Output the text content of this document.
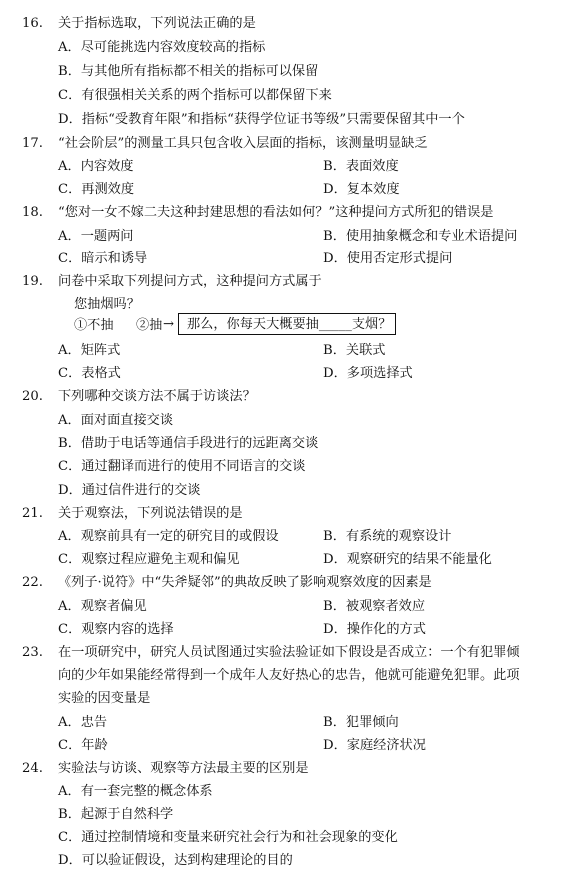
16. 关于指标选取，下列说法正确的是
A．尽可能挑选内容效度较高的指标
B．与其他所有指标都不相关的指标可以保留
C．有很强相关关系的两个指标可以都保留下来
D．指标“受教育年限”和指标“获得学位证书等级”只需要保留其中一个
17. “社会阶层”的测量工具只包含收入层面的指标，该测量明显缺乏
A．内容效度	B．表面效度
C．再测效度	D．复本效度
18. “您对一女不嫁二夫这种封建思想的看法如何？”这种提问方式所犯的错误是
A．一题两问	B．使用抽象概念和专业术语提问
C．暗示和诱导	D．使用否定形式提问
19. 问卷中采取下列提问方式，这种提问方式属于
您抽烟吗？
①不抽 ②抽 → 那么，你每天大概要抽_____支烟？
A．矩阵式	B．关联式
C．表格式	D．多项选择式
20. 下列哪种交谈方法不属于访谈法？
A．面对面直接交谈
B．借助于电话等通信手段进行的远距离交谈
C．通过翻译而进行的使用不同语言的交谈
D．通过信件进行的交谈
21. 关于观察法，下列说法错误的是
A．观察前具有一定的研究目的或假设	B．有系统的观察设计
C．观察过程应避免主观和偏见	D．观察研究的结果不能量化
22. 《列子·说符》中“失斧疑邻”的典故反映了影响观察效度的因素是
A．观察者偏见	B．被观察者效应
C．观察内容的选择	D．操作化的方式
23. 在一项研究中，研究人员试图通过实验法验证如下假设是否成立：一个有犯罪倾
向的少年如果能经常得到一个成年人友好热心的忠告，他就可能避免犯罪。此项
实验的因变量是
A．忠告	B．犯罪倾向
C．年龄	D．家庭经济状况
24. 实验法与访谈、观察等方法最主要的区别是
A．有一套完整的概念体系
B．起源于自然科学
C．通过控制情境和变量来研究社会行为和社会现象的变化
D．可以验证假设，达到构建理论的目的
